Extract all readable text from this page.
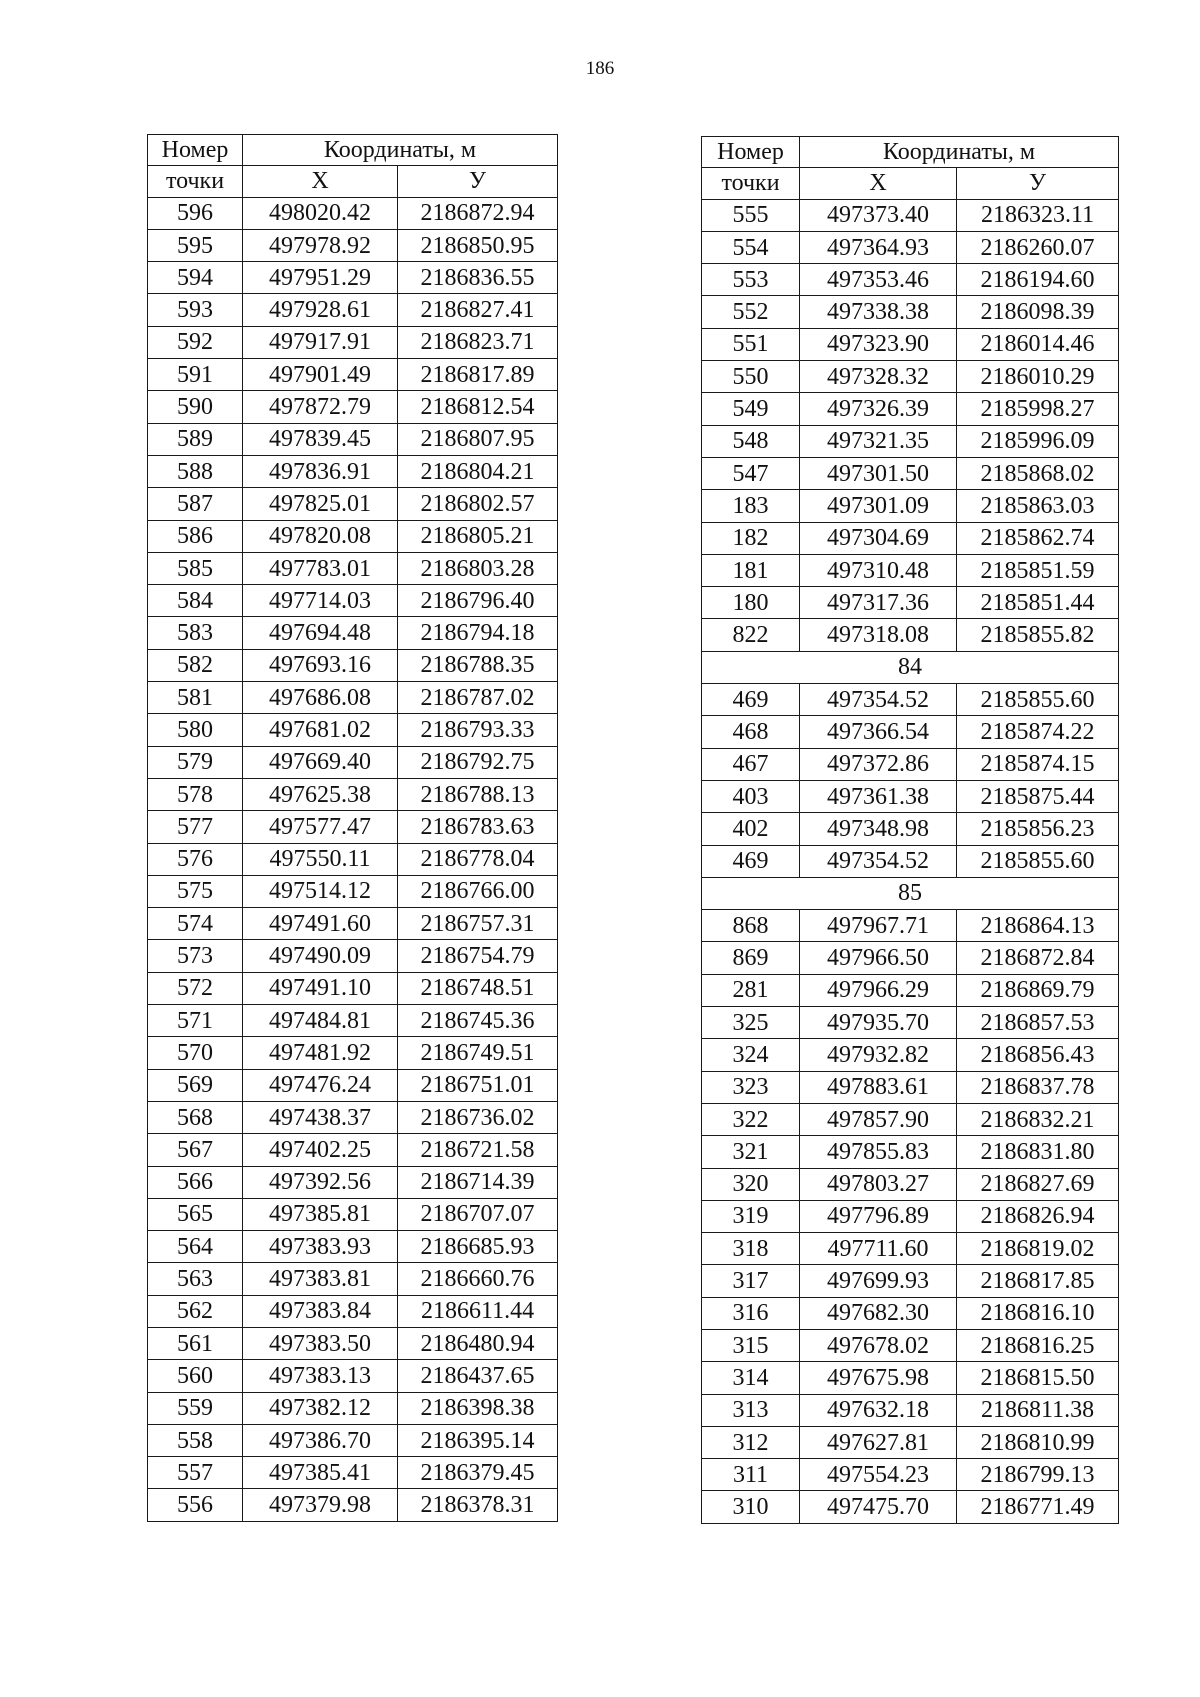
186
Номер	Координаты, м	
точки	X	У
596	498020.42	2186872.94
595	497978.92	2186850.95
594	497951.29	2186836.55
593	497928.61	2186827.41
592	497917.91	2186823.71
591	497901.49	2186817.89
590	497872.79	2186812.54
589	497839.45	2186807.95
588	497836.91	2186804.21
587	497825.01	2186802.57
586	497820.08	2186805.21
585	497783.01	2186803.28
584	497714.03	2186796.40
583	497694.48	2186794.18
582	497693.16	2186788.35
581	497686.08	2186787.02
580	497681.02	2186793.33
579	497669.40	2186792.75
578	497625.38	2186788.13
577	497577.47	2186783.63
576	497550.11	2186778.04
575	497514.12	2186766.00
574	497491.60	2186757.31
573	497490.09	2186754.79
572	497491.10	2186748.51
571	497484.81	2186745.36
570	497481.92	2186749.51
569	497476.24	2186751.01
568	497438.37	2186736.02
567	497402.25	2186721.58
566	497392.56	2186714.39
565	497385.81	2186707.07
564	497383.93	2186685.93
563	497383.81	2186660.76
562	497383.84	2186611.44
561	497383.50	2186480.94
560	497383.13	2186437.65
559	497382.12	2186398.38
558	497386.70	2186395.14
557	497385.41	2186379.45
556	497379.98	2186378.31
Номер	Координаты, м	
точки	X	У
555	497373.40	2186323.11
554	497364.93	2186260.07
553	497353.46	2186194.60
552	497338.38	2186098.39
551	497323.90	2186014.46
550	497328.32	2186010.29
549	497326.39	2185998.27
548	497321.35	2185996.09
547	497301.50	2185868.02
183	497301.09	2185863.03
182	497304.69	2185862.74
181	497310.48	2185851.59
180	497317.36	2185851.44
822	497318.08	2185855.82
84		
469	497354.52	2185855.60
468	497366.54	2185874.22
467	497372.86	2185874.15
403	497361.38	2185875.44
402	497348.98	2185856.23
469	497354.52	2185855.60
85		
868	497967.71	2186864.13
869	497966.50	2186872.84
281	497966.29	2186869.79
325	497935.70	2186857.53
324	497932.82	2186856.43
323	497883.61	2186837.78
322	497857.90	2186832.21
321	497855.83	2186831.80
320	497803.27	2186827.69
319	497796.89	2186826.94
318	497711.60	2186819.02
317	497699.93	2186817.85
316	497682.30	2186816.10
315	497678.02	2186816.25
314	497675.98	2186815.50
313	497632.18	2186811.38
312	497627.81	2186810.99
311	497554.23	2186799.13
310	497475.70	2186771.49
